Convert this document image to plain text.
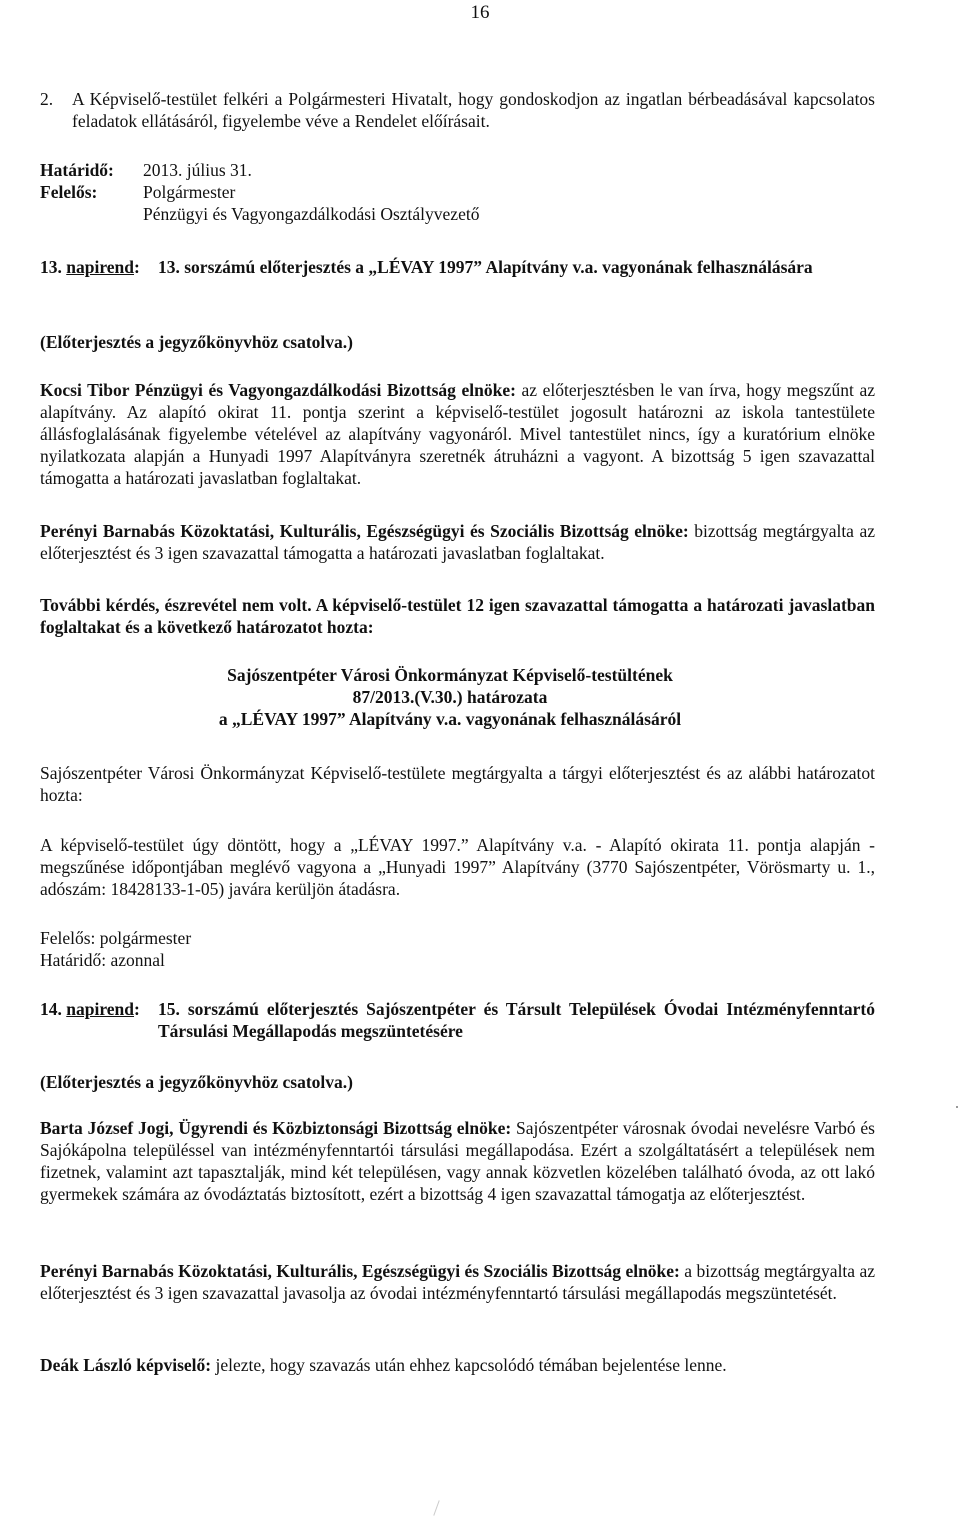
16
2. A Képviselő-testület felkéri a Polgármesteri Hivatalt, hogy gondoskodjon az ingatlan bérbeadásával kapcsolatos feladatok ellátásáról, figyelembe véve a Rendelet előírásait.

Határidő:	2013. július 31.
Felelős:	Polgármester
Pénzügyi és Vagyongazdálkodási Osztályvezető
13. napirend:	13. sorszámú előterjesztés a „LÉVAY 1997” Alapítvány v.a. vagyonának felhasználására
(Előterjesztés a jegyzőkönyvhöz csatolva.)
Kocsi Tibor Pénzügyi és Vagyongazdálkodási Bizottság elnöke: az előterjesztésben le van írva, hogy megszűnt az alapítvány. Az alapító okirat 11. pontja szerint a képviselő-testület jogosult határozni az iskola tantestülete állásfoglalásának figyelembe vételével az alapítvány vagyonáról. Mivel tantestület nincs, így a kuratórium elnöke nyilatkozata alapján a Hunyadi 1997 Alapítványra szeretnék átruházni a vagyont. A bizottság 5 igen szavazattal támogatta a határozati javaslatban foglaltakat.
Perényi Barnabás Közoktatási, Kulturális, Egészségügyi és Szociális Bizottság elnöke: bizottság megtárgyalta az előterjesztést és 3 igen szavazattal támogatta a határozati javaslatban foglaltakat.
További kérdés, észrevétel nem volt. A képviselő-testület 12 igen szavazattal támogatta a határozati javaslatban foglaltakat és a következő határozatot hozta:
Sajószentpéter Városi Önkormányzat Képviselő-testültének
87/2013.(V.30.) határozata
a „LÉVAY 1997” Alapítvány v.a. vagyonának felhasználásáról

Sajószentpéter Városi Önkormányzat Képviselő-testülete megtárgyalta a tárgyi előterjesztést és az alábbi határozatot hozta:

A képviselő-testület úgy döntött, hogy a „LÉVAY 1997.” Alapítvány v.a. - Alapító okirata 11. pontja alapján - megszűnése időpontjában meglévő vagyona a „Hunyadi 1997” Alapítvány (3770 Sajószentpéter, Vörösmarty u. 1., adószám: 18428133-1-05) javára kerüljön átadásra.

Felelős: polgármester
Határidő: azonnal
14. napirend:	15. sorszámú előterjesztés Sajószentpéter és Társult Települések Óvodai Intézményfenntartó Társulási Megállapodás megszüntetésére
(Előterjesztés a jegyzőkönyvhöz csatolva.)
Barta József Jogi, Ügyrendi és Közbiztonsági Bizottság elnöke: Sajószentpéter városnak óvodai nevelésre Varbó és Sajókápolna településsel van intézményfenntartói társulási megállapodása. Ezért a szolgáltatásért a települések nem fizetnek, valamint azt tapasztalják, mind két településen, vagy annak közvetlen közelében található óvoda, az ott lakó gyermekek számára az óvodáztatás biztosított, ezért a bizottság 4 igen szavazattal támogatja az előterjesztést.
Perényi Barnabás Közoktatási, Kulturális, Egészségügyi és Szociális Bizottság elnöke: a bizottság megtárgyalta az előterjesztést és 3 igen szavazattal javasolja az óvodai intézményfenntartó társulási megállapodás megszüntetését.
Deák László képviselő: jelezte, hogy szavazás után ehhez kapcsolódó témában bejelentése lenne.
